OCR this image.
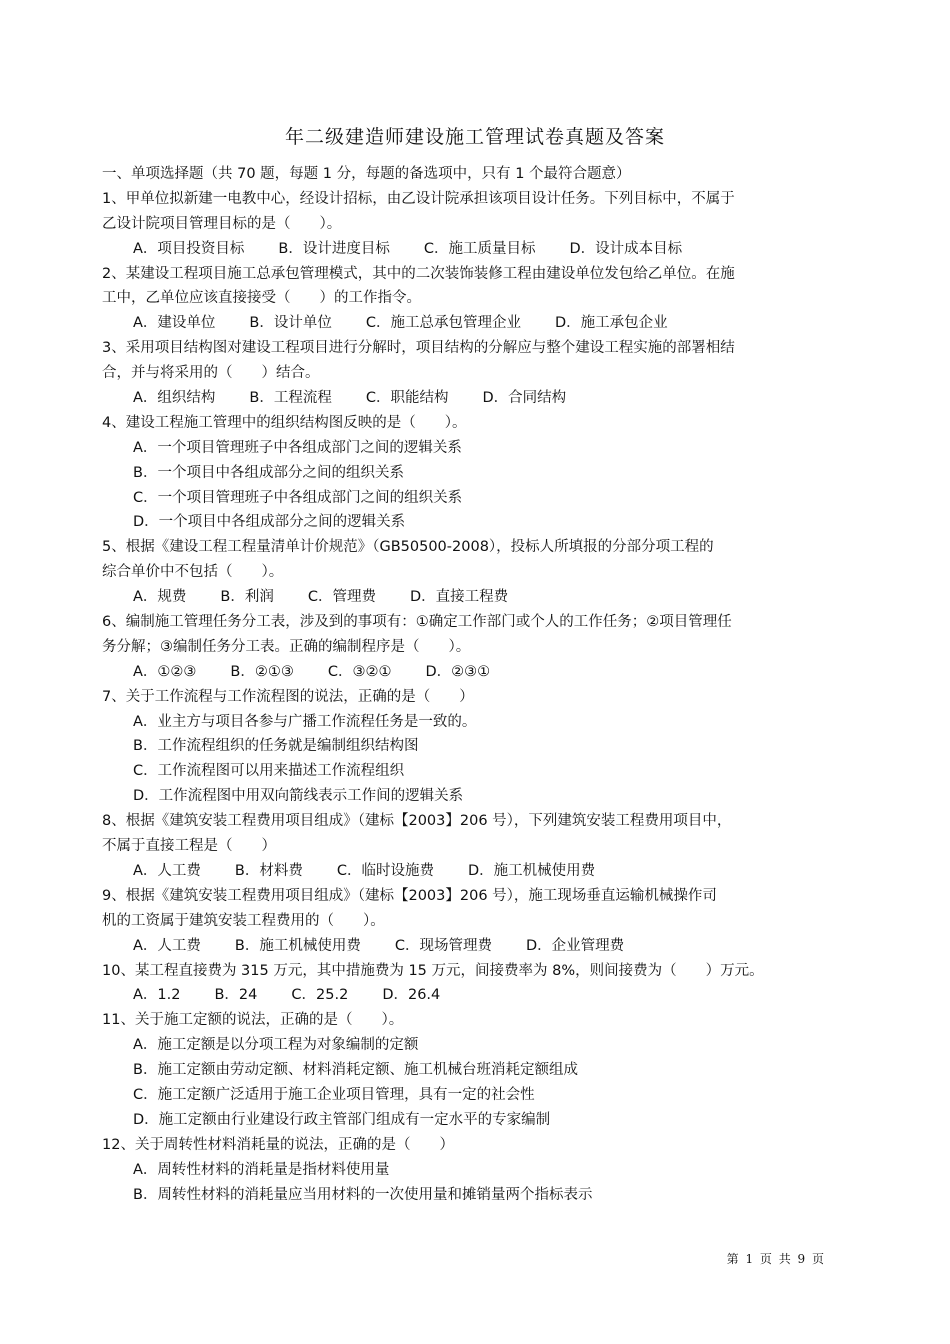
年二级建造师建设施工管理试卷真题及答案
一、单项选择题（共 70 题，每题 1 分，每题的备选项中，只有 1 个最符合题意）
1、甲单位拟新建一电教中心，经设计招标，由乙设计院承担该项目设计任务。下列目标中，不属于
乙设计院项目管理目标的是（　　）。
A．项目投资目标 B．设计进度目标 C．施工质量目标 D．设计成本目标
2、某建设工程项目施工总承包管理模式，其中的二次装饰装修工程由建设单位发包给乙单位。在施
工中，乙单位应该直接接受（　　）的工作指令。
A．建设单位 B．设计单位 C．施工总承包管理企业 D．施工承包企业
3、采用项目结构图对建设工程项目进行分解时，项目结构的分解应与整个建设工程实施的部署相结
合，并与将采用的（　　）结合。
A．组织结构 B．工程流程 C．职能结构 D．合同结构
4、建设工程施工管理中的组织结构图反映的是（　　）。
A．一个项目管理班子中各组成部门之间的逻辑关系
B．一个项目中各组成部分之间的组织关系
C．一个项目管理班子中各组成部门之间的组织关系
D．一个项目中各组成部分之间的逻辑关系
5、根据《建设工程工程量清单计价规范》（GB50500-2008），投标人所填报的分部分项工程的
综合单价中不包括（　　）。
A．规费 B．利润 C．管理费 D．直接工程费
6、编制施工管理任务分工表，涉及到的事项有：①确定工作部门或个人的工作任务；②项目管理任
务分解；③编制任务分工表。正确的编制程序是（　　）。
A．①②③ B．②①③ C．③②① D．②③①
7、关于工作流程与工作流程图的说法，正确的是（　　）
A．业主方与项目各参与广播工作流程任务是一致的。
B．工作流程组织的任务就是编制组织结构图
C．工作流程图可以用来描述工作流程组织
D．工作流程图中用双向箭线表示工作间的逻辑关系
8、根据《建筑安装工程费用项目组成》（建标【2003】206 号），下列建筑安装工程费用项目中，
不属于直接工程是（　　）
A．人工费 B．材料费 C．临时设施费 D．施工机械使用费
9、根据《建筑安装工程费用项目组成》（建标【2003】206 号），施工现场垂直运输机械操作司
机的工资属于建筑安装工程费用的（　　）。
A．人工费 B．施工机械使用费 C．现场管理费 D．企业管理费
10、某工程直接费为 315 万元，其中措施费为 15 万元，间接费率为 8%，则间接费为（　　）万元。
A．1.2 B．24 C．25.2 D．26.4
11、关于施工定额的说法，正确的是（　　）。
A．施工定额是以分项工程为对象编制的定额
B．施工定额由劳动定额、材料消耗定额、施工机械台班消耗定额组成
C．施工定额广泛适用于施工企业项目管理，具有一定的社会性
D．施工定额由行业建设行政主管部门组成有一定水平的专家编制
12、关于周转性材料消耗量的说法，正确的是（　　）
A．周转性材料的消耗量是指材料使用量
B．周转性材料的消耗量应当用材料的一次使用量和摊销量两个指标表示
第 1 页 共 9 页
